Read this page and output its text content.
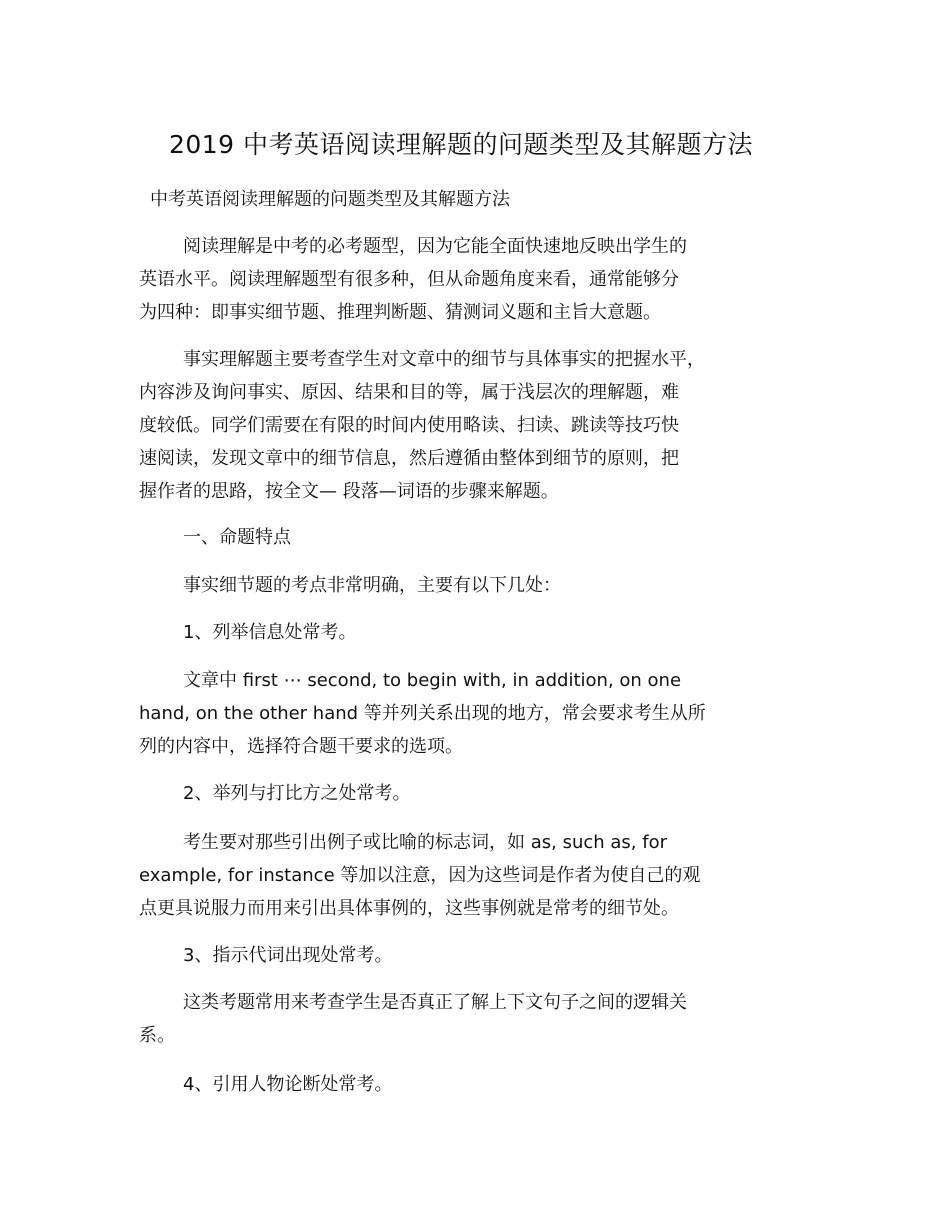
2019 中考英语阅读理解题的问题类型及其解题方法
中考英语阅读理解题的问题类型及其解题方法
阅读理解是中考的必考题型，因为它能全面快速地反映出学生的
英语水平。阅读理解题型有很多种，但从命题角度来看，通常能够分
为四种：即事实细节题、推理判断题、猜测词义题和主旨大意题。
事实理解题主要考查学生对文章中的细节与具体事实的把握水平，
内容涉及询问事实、原因、结果和目的等，属于浅层次的理解题，难
度较低。同学们需要在有限的时间内使用略读、扫读、跳读等技巧快
速阅读，发现文章中的细节信息，然后遵循由整体到细节的原则，把
握作者的思路，按全文— 段落—词语的步骤来解题。
一、命题特点
事实细节题的考点非常明确，主要有以下几处：
1、列举信息处常考。
文章中 first ⋯ second, to begin with, in addition, on one
hand, on the other hand 等并列关系出现的地方，常会要求考生从所
列的内容中，选择符合题干要求的选项。
2、举列与打比方之处常考。
考生要对那些引出例子或比喻的标志词，如 as, such as, for
example, for instance 等加以注意，因为这些词是作者为使自己的观
点更具说服力而用来引出具体事例的，这些事例就是常考的细节处。
3、指示代词出现处常考。
这类考题常用来考查学生是否真正了解上下文句子之间的逻辑关
系。
4、引用人物论断处常考。
